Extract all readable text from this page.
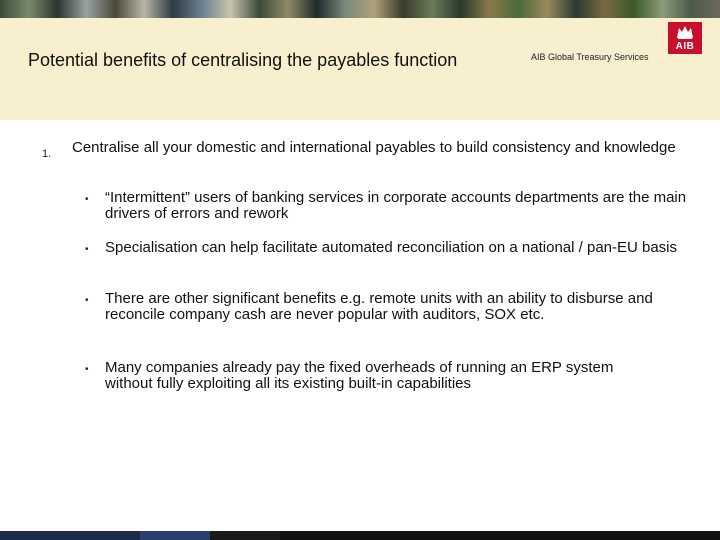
Potential benefits of centralising the payables function	AIB Global Treasury Services
AIB
1. Centralise all your domestic and international payables to build consistency and knowledge
• “Intermittent” users of banking services in corporate accounts departments are the main drivers of errors and rework
• Specialisation can help facilitate automated reconciliation on a national / pan-EU basis
• There are other significant benefits e.g. remote units with an ability to disburse and reconcile company cash are never popular with auditors, SOX etc.
• Many companies already pay the fixed overheads of running an ERP system without fully exploiting all its existing built-in capabilities
